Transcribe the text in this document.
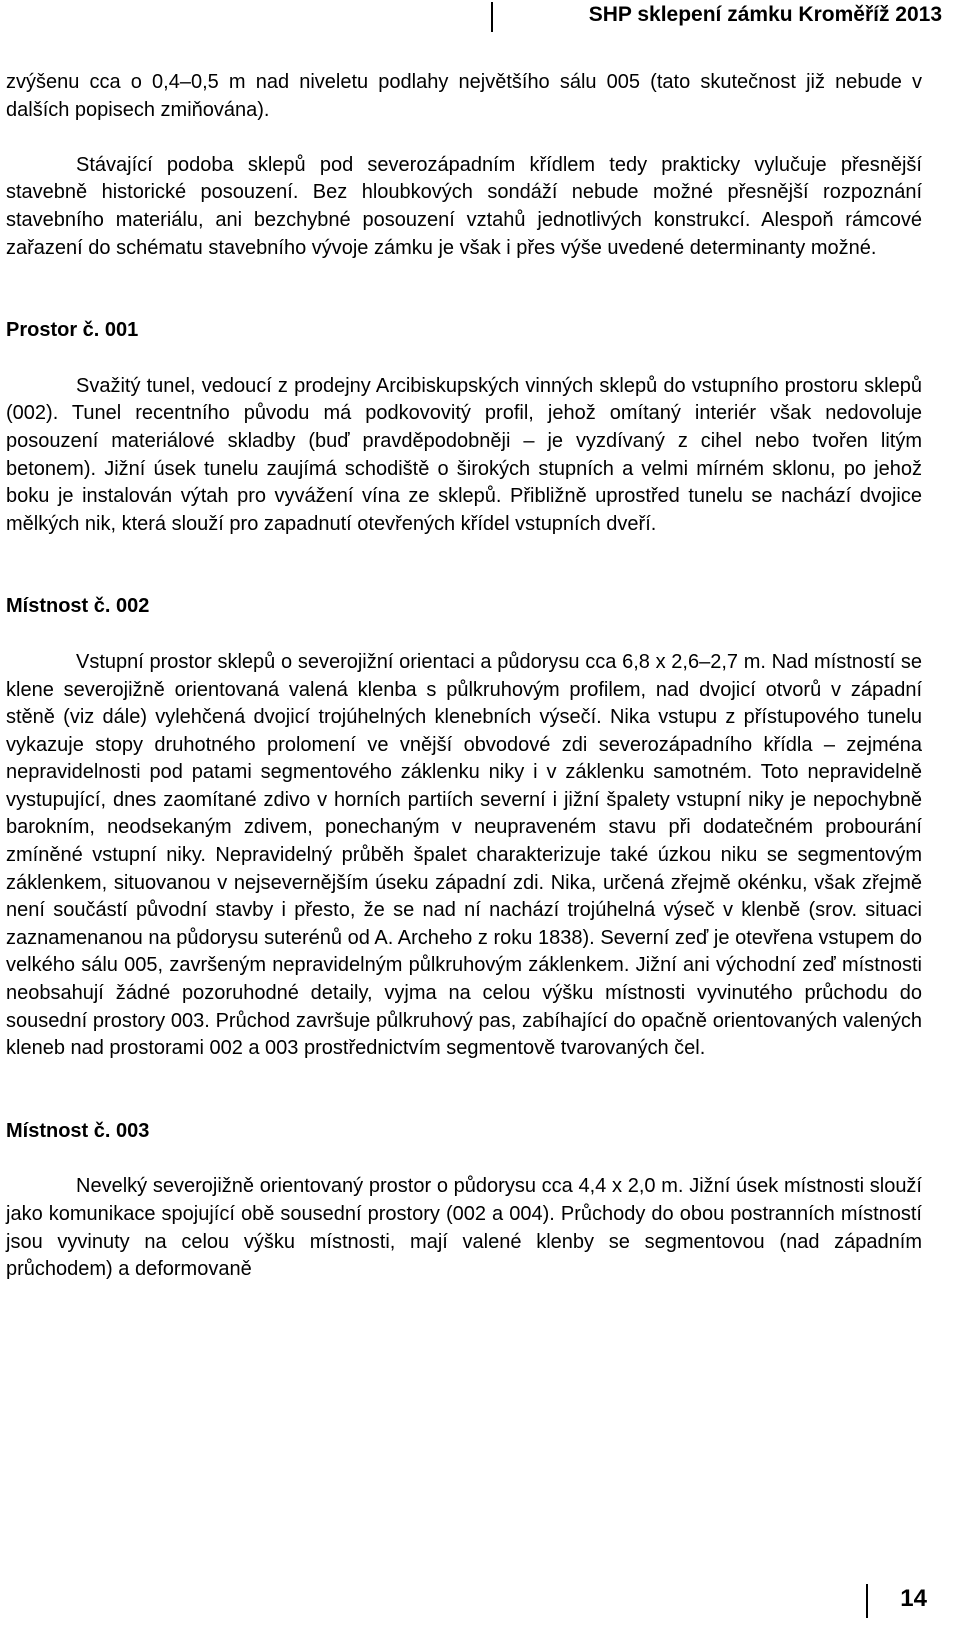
SHP sklepení zámku Kroměříž 2013

zvýšenu cca o 0,4–0,5 m nad niveletu podlahy největšího sálu 005 (tato skutečnost již nebude v dalších popisech zmiňována).

Stávající podoba sklepů pod severozápadním křídlem tedy prakticky vylučuje přesnější stavebně historické posouzení. Bez hloubkových sondáží nebude možné přesnější rozpoznání stavebního materiálu, ani bezchybné posouzení vztahů jednotlivých konstrukcí. Alespoň rámcové zařazení do schématu stavebního vývoje zámku je však i přes výše uvedené determinanty možné.

Prostor č. 001

Svažitý tunel, vedoucí z prodejny Arcibiskupských vinných sklepů do vstupního prostoru sklepů (002). Tunel recentního původu má podkovovitý profil, jehož omítaný interiér však nedovoluje posouzení materiálové skladby (buď pravděpodobněji – je vyzdívaný z cihel nebo tvořen litým betonem). Jižní úsek tunelu zaujímá schodiště o širokých stupních a velmi mírném sklonu, po jehož boku je instalován výtah pro vyvážení vína ze sklepů. Přibližně uprostřed tunelu se nachází dvojice mělkých nik, která slouží pro zapadnutí otevřených křídel vstupních dveří.

Místnost č. 002

Vstupní prostor sklepů o severojižní orientaci a půdorysu cca 6,8 x 2,6–2,7 m. Nad místností se klene severojižně orientovaná valená klenba s půlkruhovým profilem, nad dvojicí otvorů v západní stěně (viz dále) vylehčená dvojicí trojúhelných klenebních výsečí. Nika vstupu z přístupového tunelu vykazuje stopy druhotného prolomení ve vnější obvodové zdi severozápadního křídla – zejména nepravidelnosti pod patami segmentového záklenku niky i v záklenku samotném. Toto nepravidelně vystupující, dnes zaomítané zdivo v horních partiích severní i jižní špalety vstupní niky je nepochybně barokním, neodsekaným zdivem, ponechaným v neupraveném stavu při dodatečném probourání zmíněné vstupní niky. Nepravidelný průběh špalet charakterizuje také úzkou niku se segmentovým záklenkem, situovanou v nejsevernějším úseku západní zdi. Nika, určená zřejmě okénku, však zřejmě není součástí původní stavby i přesto, že se nad ní nachází trojúhelná výseč v klenbě (srov. situaci zaznamenanou na půdorysu suterénů od A. Archeho z roku 1838). Severní zeď je otevřena vstupem do velkého sálu 005, završeným nepravidelným půlkruhovým záklenkem. Jižní ani východní zeď místnosti neobsahují žádné pozoruhodné detaily, vyjma na celou výšku místnosti vyvinutého průchodu do sousední prostory 003. Průchod završuje půlkruhový pas, zabíhající do opačně orientovaných valených kleneb nad prostorami 002 a 003 prostřednictvím segmentově tvarovaných čel.

Místnost č. 003

Nevelký severojižně orientovaný prostor o půdorysu cca 4,4 x 2,0 m. Jižní úsek místnosti slouží jako komunikace spojující obě sousední prostory (002 a 004). Průchody do obou postranních místností jsou vyvinuty na celou výšku místnosti, mají valené klenby se segmentovou (nad západním průchodem) a deformovaně

14
